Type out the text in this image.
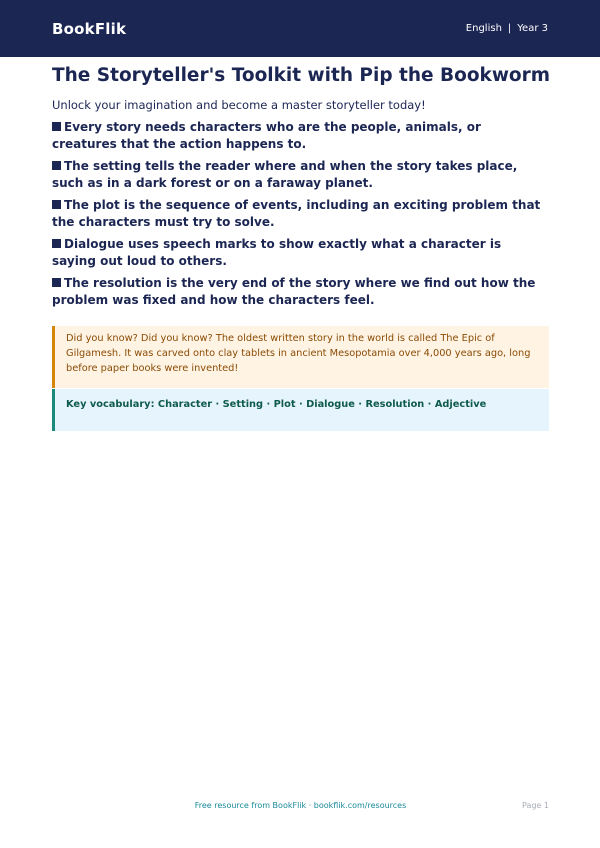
BookFlik	English | Year 3
The Storyteller's Toolkit with Pip the Bookworm

Unlock your imagination and become a master storyteller today!

Every story needs characters who are the people, animals, or creatures that the action happens to.
The setting tells the reader where and when the story takes place, such as in a dark forest or on a faraway planet.
The plot is the sequence of events, including an exciting problem that the characters must try to solve.
Dialogue uses speech marks to show exactly what a character is saying out loud to others.
The resolution is the very end of the story where we find out how the problem was fixed and how the characters feel.
Did you know? Did you know? The oldest written story in the world is called The Epic of Gilgamesh. It was carved onto clay tablets in ancient Mesopotamia over 4,000 years ago, long before paper books were invented!
Key vocabulary: Character · Setting · Plot · Dialogue · Resolution · Adjective
Free resource from BookFlik · bookflik.com/resources	Page 1
